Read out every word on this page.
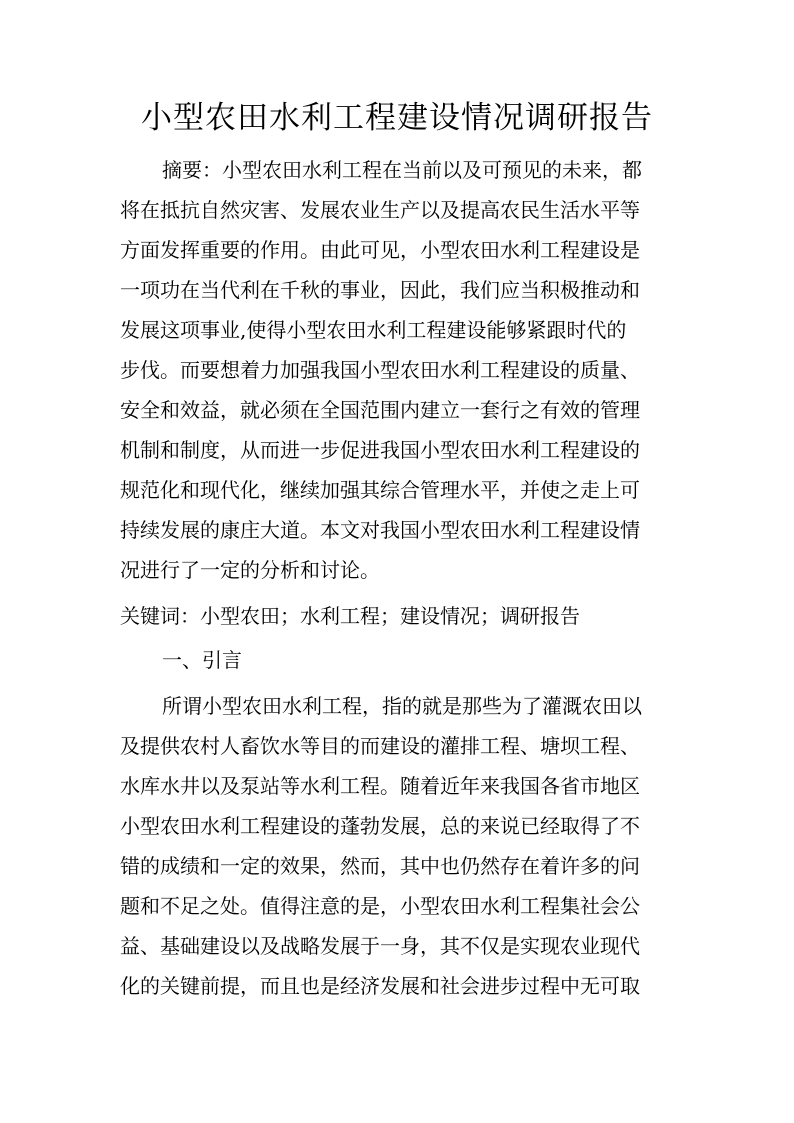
小型农田水利工程建设情况调研报告
摘要：小型农田水利工程在当前以及可预见的未来，都
将在抵抗自然灾害、发展农业生产以及提高农民生活水平等
方面发挥重要的作用。由此可见，小型农田水利工程建设是
一项功在当代利在千秋的事业，因此，我们应当积极推动和
发展这项事业,使得小型农田水利工程建设能够紧跟时代的
步伐。而要想着力加强我国小型农田水利工程建设的质量、
安全和效益，就必须在全国范围内建立一套行之有效的管理
机制和制度，从而进一步促进我国小型农田水利工程建设的
规范化和现代化，继续加强其综合管理水平，并使之走上可
持续发展的康庄大道。本文对我国小型农田水利工程建设情
况进行了一定的分析和讨论。
关键词：小型农田；水利工程；建设情况；调研报告
一、引言
所谓小型农田水利工程，指的就是那些为了灌溉农田以
及提供农村人畜饮水等目的而建设的灌排工程、塘坝工程、
水库水井以及泵站等水利工程。随着近年来我国各省市地区
小型农田水利工程建设的蓬勃发展，总的来说已经取得了不
错的成绩和一定的效果，然而，其中也仍然存在着许多的问
题和不足之处。值得注意的是，小型农田水利工程集社会公
益、基础建设以及战略发展于一身，其不仅是实现农业现代
化的关键前提，而且也是经济发展和社会进步过程中无可取
